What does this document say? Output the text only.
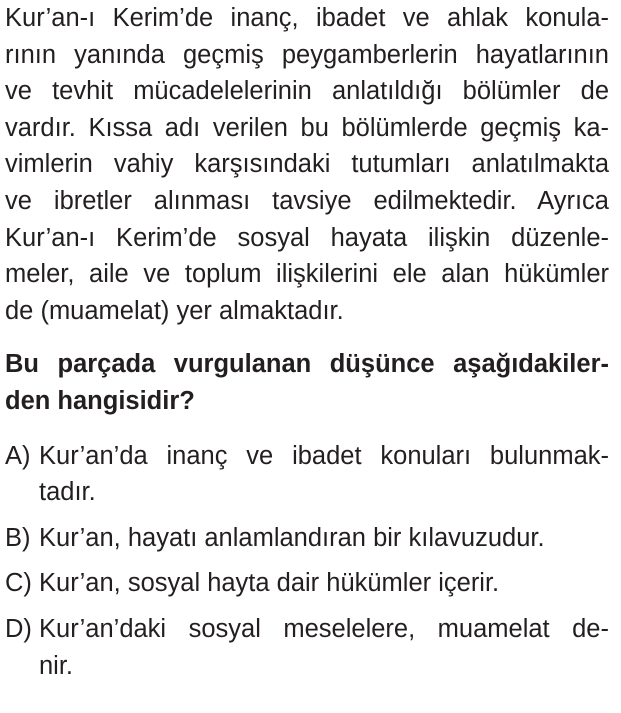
Kur’an-ı Kerim’de inanç, ibadet ve ahlak konula-
rının yanında geçmiş peygamberlerin hayatlarının
ve tevhit mücadelelerinin anlatıldığı bölümler de
vardır. Kıssa adı verilen bu bölümlerde geçmiş ka-
vimlerin vahiy karşısındaki tutumları anlatılmakta
ve ibretler alınması tavsiye edilmektedir. Ayrıca
Kur’an-ı Kerim’de sosyal hayata ilişkin düzenle-
meler, aile ve toplum ilişkilerini ele alan hükümler
de (muamelat) yer almaktadır.
Bu parçada vurgulanan düşünce aşağıdakiler-
den hangisidir?
A) Kur’an’da inanç ve ibadet konuları bulunmak-
tadır.
B) Kur’an, hayatı anlamlandıran bir kılavuzudur.
C) Kur’an, sosyal hayta dair hükümler içerir.
D) Kur’an’daki sosyal meselelere, muamelat de-
nir.
